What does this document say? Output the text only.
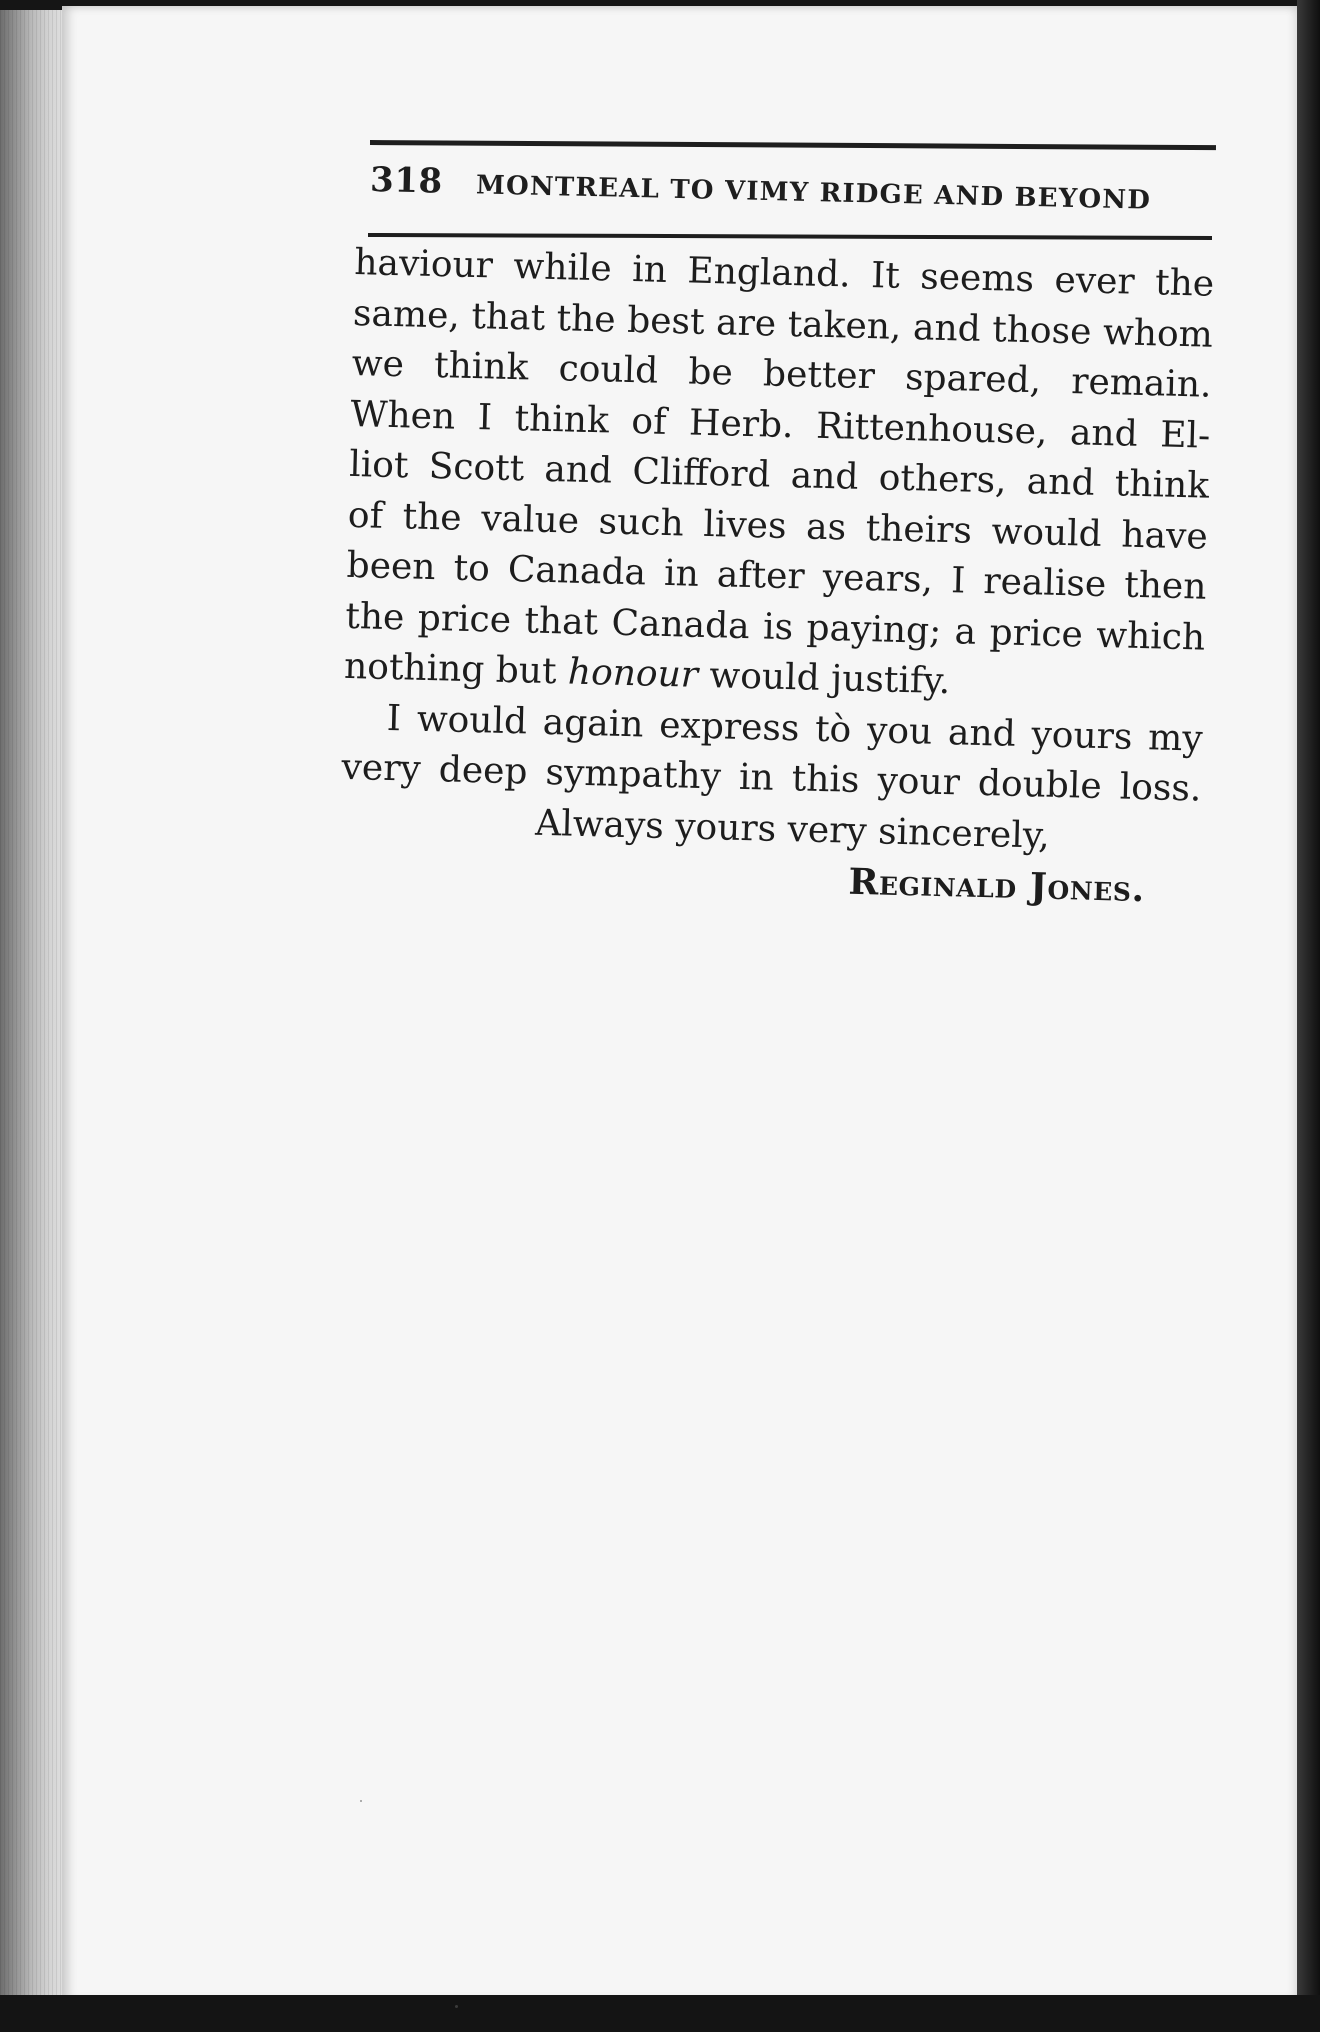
318 MONTREAL TO VIMY RIDGE AND BEYOND
haviour while in England. It seems ever the
same, that the best are taken, and those whom
we think could be better spared, remain.
When I think of Herb. Rittenhouse, and El-
liot Scott and Clifford and others, and think
of the value such lives as theirs would have
been to Canada in after years, I realise then
the price that Canada is paying; a price which
nothing but honour would justify.
I would again express tò you and yours my
very deep sympathy in this your double loss.
Always yours very sincerely,
Reginald Jones.
